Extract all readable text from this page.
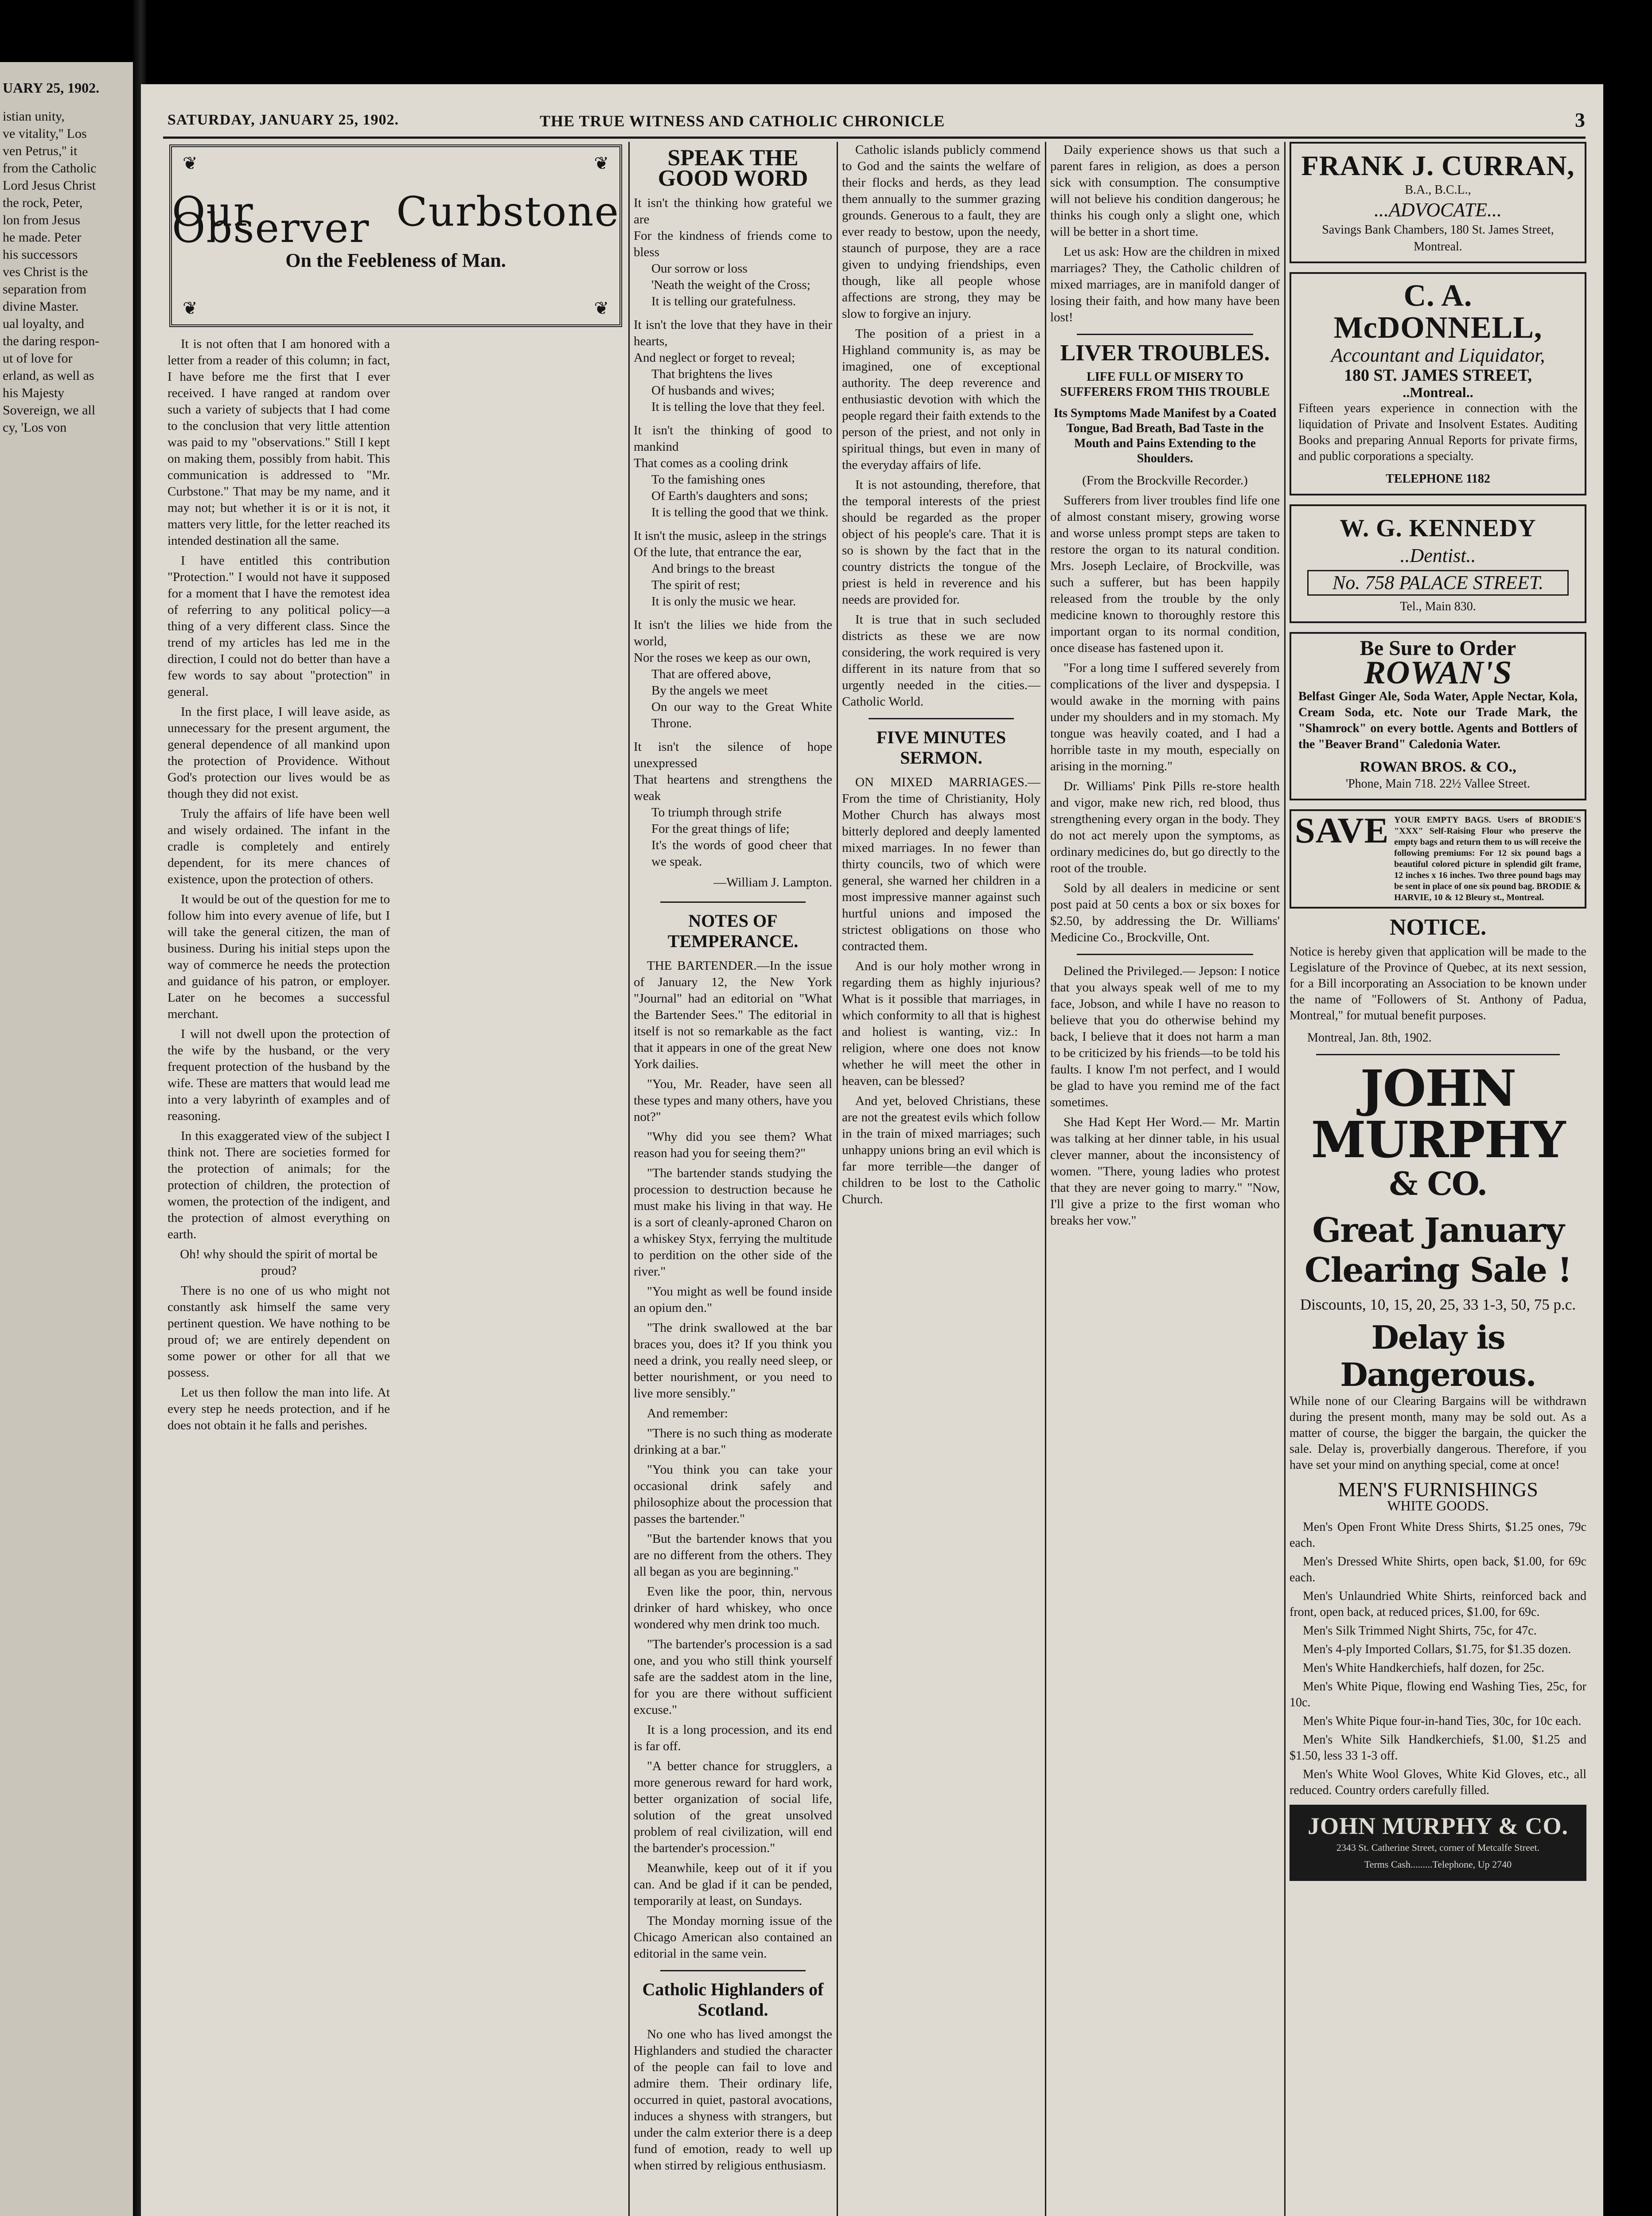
UARY 25, 1902.
istian unity,
ve vitality,'' Los
ven Petrus,'' it
from the Catholic
Lord Jesus Christ
the rock, Peter,
lon from Jesus
he made. Peter
his successors
ves Christ is the
separation from
divine Master.
ual loyalty, and
the daring respon-
ut of love for
erland, as well as
his Majesty
Sovereign, we all
cy, 'Los von
SATURDAY, JANUARY 25, 1902.	THE TRUE WITNESS AND CATHOLIC CHRONICLE	3
❦	❦
❦	❦
Our Curbstone Observer
On the Feebleness of Man.

It is not often that I am honored with a letter from a reader of this column; in fact, I have before me the first that I ever received. I have ranged at random over such a variety of subjects that I had come to the conclusion that very little attention was paid to my "observations." Still I kept on making them, possibly from habit. This communication is addressed to "Mr. Curbstone." That may be my name, and it may not; but whether it is or it is not, it matters very little, for the letter reached its intended destination all the same.

I have entitled this contribution "Protection." I would not have it supposed for a moment that I have the remotest idea of referring to any political policy—a thing of a very different class. Since the trend of my articles has led me in the direction, I could not do better than have a few words to say about "protection" in general.

In the first place, I will leave aside, as unnecessary for the present argument, the general dependence of all mankind upon the protection of Providence. Without God's protection our lives would be as though they did not exist.

Truly the affairs of life have been well and wisely ordained. The infant in the cradle is completely and entirely dependent, for its mere chances of existence, upon the protection of others.

It would be out of the question for me to follow him into every avenue of life, but I will take the general citizen, the man of business. During his initial steps upon the way of commerce he needs the protection and guidance of his patron, or employer. Later on he becomes a successful merchant.

I will not dwell upon the protection of the wife by the husband, or the very frequent protection of the husband by the wife. These are matters that would lead me into a very labyrinth of examples and of reasoning.

In this exaggerated view of the subject I think not. There are societies formed for the protection of animals; for the protection of children, the protection of women, the protection of the indigent, and the protection of almost everything on earth.

Oh! why should the spirit of mortal be proud?

There is no one of us who might not constantly ask himself the same very pertinent question. We have nothing to be proud of; we are entirely dependent on some power or other for all that we possess.

Let us then follow the man into life. At every step he needs protection, and if he does not obtain it he falls and perishes.

SPEAK THE GOOD WORD
It isn't the thinking how grateful we are
For the kindness of friends come to bless
Our sorrow or loss
'Neath the weight of the Cross;
It is telling our gratefulness.
It isn't the love that they have in their hearts,
And neglect or forget to reveal;
That brightens the lives
Of husbands and wives;
It is telling the love that they feel.
It isn't the thinking of good to mankind
That comes as a cooling drink
To the famishing ones
Of Earth's daughters and sons;
It is telling the good that we think.
It isn't the music, asleep in the strings
Of the lute, that entrance the ear,
And brings to the breast
The spirit of rest;
It is only the music we hear.
It isn't the lilies we hide from the world,
Nor the roses we keep as our own,
That are offered above,
By the angels we meet
On our way to the Great White Throne.
It isn't the silence of hope unexpressed
That heartens and strengthens the weak
To triumph through strife
For the great things of life;
It's the words of good cheer that we speak.
—William J. Lampton.
NOTES OF TEMPERANCE.

THE BARTENDER.—In the issue of January 12, the New York "Journal" had an editorial on "What the Bartender Sees." The editorial in itself is not so remarkable as the fact that it appears in one of the great New York dailies.

"You, Mr. Reader, have seen all these types and many others, have you not?"

"Why did you see them? What reason had you for seeing them?"

"The bartender stands studying the procession to destruction because he must make his living in that way. He is a sort of cleanly-aproned Charon on a whiskey Styx, ferrying the multitude to perdition on the other side of the river."

"You might as well be found inside an opium den."

"The drink swallowed at the bar braces you, does it? If you think you need a drink, you really need sleep, or better nourishment, or you need to live more sensibly."

And remember:

"There is no such thing as moderate drinking at a bar."

"You think you can take your occasional drink safely and philosophize about the procession that passes the bartender."

"But the bartender knows that you are no different from the others. They all began as you are beginning."

Even like the poor, thin, nervous drinker of hard whiskey, who once wondered why men drink too much.

"The bartender's procession is a sad one, and you who still think yourself safe are the saddest atom in the line, for you are there without sufficient excuse."

It is a long procession, and its end is far off.

"A better chance for strugglers, a more generous reward for hard work, better organization of social life, solution of the great unsolved problem of real civilization, will end the bartender's procession."

Meanwhile, keep out of it if you can. And be glad if it can be pended, temporarily at least, on Sundays.

The Monday morning issue of the Chicago American also contained an editorial in the same vein.

Catholic Highlanders of Scotland.

No one who has lived amongst the Highlanders and studied the character of the people can fail to love and admire them. Their ordinary life, occurred in quiet, pastoral avocations, induces a shyness with strangers, but under the calm exterior there is a deep fund of emotion, ready to well up when stirred by religious enthusiasm.

Catholic islands publicly commend to God and the saints the welfare of their flocks and herds, as they lead them annually to the summer grazing grounds. Generous to a fault, they are ever ready to bestow, upon the needy, staunch of purpose, they are a race given to undying friendships, even though, like all people whose affections are strong, they may be slow to forgive an injury.

The position of a priest in a Highland community is, as may be imagined, one of exceptional authority. The deep reverence and enthusiastic devotion with which the people regard their faith extends to the person of the priest, and not only in spiritual things, but even in many of the everyday affairs of life.

It is not astounding, therefore, that the temporal interests of the priest should be regarded as the proper object of his people's care. That it is so is shown by the fact that in the country districts the tongue of the priest is held in reverence and his needs are provided for.

It is true that in such secluded districts as these we are now considering, the work required is very different in its nature from that so urgently needed in the cities.—Catholic World.

FIVE MINUTES SERMON.

ON MIXED MARRIAGES.—From the time of Christianity, Holy Mother Church has always most bitterly deplored and deeply lamented mixed marriages. In no fewer than thirty councils, two of which were general, she warned her children in a most impressive manner against such hurtful unions and imposed the strictest obligations on those who contracted them.

And is our holy mother wrong in regarding them as highly injurious? What is it possible that marriages, in which conformity to all that is highest and holiest is wanting, viz.: In religion, where one does not know whether he will meet the other in heaven, can be blessed?

And yet, beloved Christians, these are not the greatest evils which follow in the train of mixed marriages; such unhappy unions bring an evil which is far more terrible—the danger of children to be lost to the Catholic Church.

Daily experience shows us that such a parent fares in religion, as does a person sick with consumption. The consumptive will not believe his condition dangerous; he thinks his cough only a slight one, which will be better in a short time.

Let us ask: How are the children in mixed marriages? They, the Catholic children of mixed marriages, are in manifold danger of losing their faith, and how many have been lost!

LIVER TROUBLES.
LIFE FULL OF MISERY TO SUFFERERS FROM THIS TROUBLE
Its Symptoms Made Manifest by a Coated Tongue, Bad Breath, Bad Taste in the Mouth and Pains Extending to the Shoulders.

(From the Brockville Recorder.)

Sufferers from liver troubles find life one of almost constant misery, growing worse and worse unless prompt steps are taken to restore the organ to its natural condition. Mrs. Joseph Leclaire, of Brockville, was such a sufferer, but has been happily released from the trouble by the only medicine known to thoroughly restore this important organ to its normal condition, once disease has fastened upon it.

"For a long time I suffered severely from complications of the liver and dyspepsia. I would awake in the morning with pains under my shoulders and in my stomach. My tongue was heavily coated, and I had a horrible taste in my mouth, especially on arising in the morning."

Dr. Williams' Pink Pills re-store health and vigor, make new rich, red blood, thus strengthening every organ in the body. They do not act merely upon the symptoms, as ordinary medicines do, but go directly to the root of the trouble.

Sold by all dealers in medicine or sent post paid at 50 cents a box or six boxes for $2.50, by addressing the Dr. Williams' Medicine Co., Brockville, Ont.

Delined the Privileged.— Jepson: I notice that you always speak well of me to my face, Jobson, and while I have no reason to believe that you do otherwise behind my back, I believe that it does not harm a man to be criticized by his friends—to be told his faults. I know I'm not perfect, and I would be glad to have you remind me of the fact sometimes.

She Had Kept Her Word.— Mr. Martin was talking at her dinner table, in his usual clever manner, about the inconsistency of women. "There, young ladies who protest that they are never going to marry." "Now, I'll give a prize to the first woman who breaks her vow."

FRANK J. CURRAN,
B.A., B.C.L.,
...ADVOCATE...
Savings Bank Chambers, 180 St. James Street, Montreal.
C. A. McDONNELL,
Accountant and Liquidator,
180 ST. JAMES STREET,
..Montreal..
Fifteen years experience in connection with the liquidation of Private and Insolvent Estates. Auditing Books and preparing Annual Reports for private firms, and public corporations a specialty.
TELEPHONE 1182
W. G. KENNEDY
..Dentist..
No. 758 PALACE STREET.
Tel., Main 830.
Be Sure to Order
ROWAN'S
Belfast Ginger Ale, Soda Water, Apple Nectar, Kola, Cream Soda, etc. Note our Trade Mark, the "Shamrock" on every bottle. Agents and Bottlers of the "Beaver Brand" Caledonia Water.
ROWAN BROS. & CO.,
'Phone, Main 718. 22½ Vallee Street.
SAVE YOUR EMPTY BAGS. Users of BRODIE'S "XXX" Self-Raising Flour who preserve the empty bags and return them to us will receive the following premiums: For 12 six pound bags a beautiful colored picture in splendid gilt frame, 12 inches x 16 inches. Two three pound bags may be sent in place of one six pound bag. BRODIE & HARVIE, 10 & 12 Bleury st., Montreal.
NOTICE.
Notice is hereby given that application will be made to the Legislature of the Province of Quebec, at its next session, for a Bill incorporating an Association to be known under the name of "Followers of St. Anthony of Padua, Montreal," for mutual benefit purposes.
Montreal, Jan. 8th, 1902.
JOHN MURPHY
& CO.
Great January
Clearing Sale !
Discounts, 10, 15, 20, 25, 33 1-3, 50, 75 p.c.
Delay is Dangerous.
While none of our Clearing Bargains will be withdrawn during the present month, many may be sold out. As a matter of course, the bigger the bargain, the quicker the sale. Delay is, proverbially dangerous. Therefore, if you have set your mind on anything special, come at once!
MEN'S FURNISHINGS
WHITE GOODS.
Men's Open Front White Dress Shirts, $1.25 ones, 79c each.
Men's Dressed White Shirts, open back, $1.00, for 69c each.
Men's Unlaundried White Shirts, reinforced back and front, open back, at reduced prices, $1.00, for 69c.
Men's Silk Trimmed Night Shirts, 75c, for 47c.
Men's 4-ply Imported Collars, $1.75, for $1.35 dozen.
Men's White Handkerchiefs, half dozen, for 25c.
Men's White Pique, flowing end Washing Ties, 25c, for 10c.
Men's White Pique four-in-hand Ties, 30c, for 10c each.
Men's White Silk Handkerchiefs, $1.00, $1.25 and $1.50, less 33 1-3 off.
Men's White Wool Gloves, White Kid Gloves, etc., all reduced. Country orders carefully filled.
JOHN MURPHY & CO.
2343 St. Catherine Street, corner of Metcalfe Street.
Terms Cash.........Telephone, Up 2740
